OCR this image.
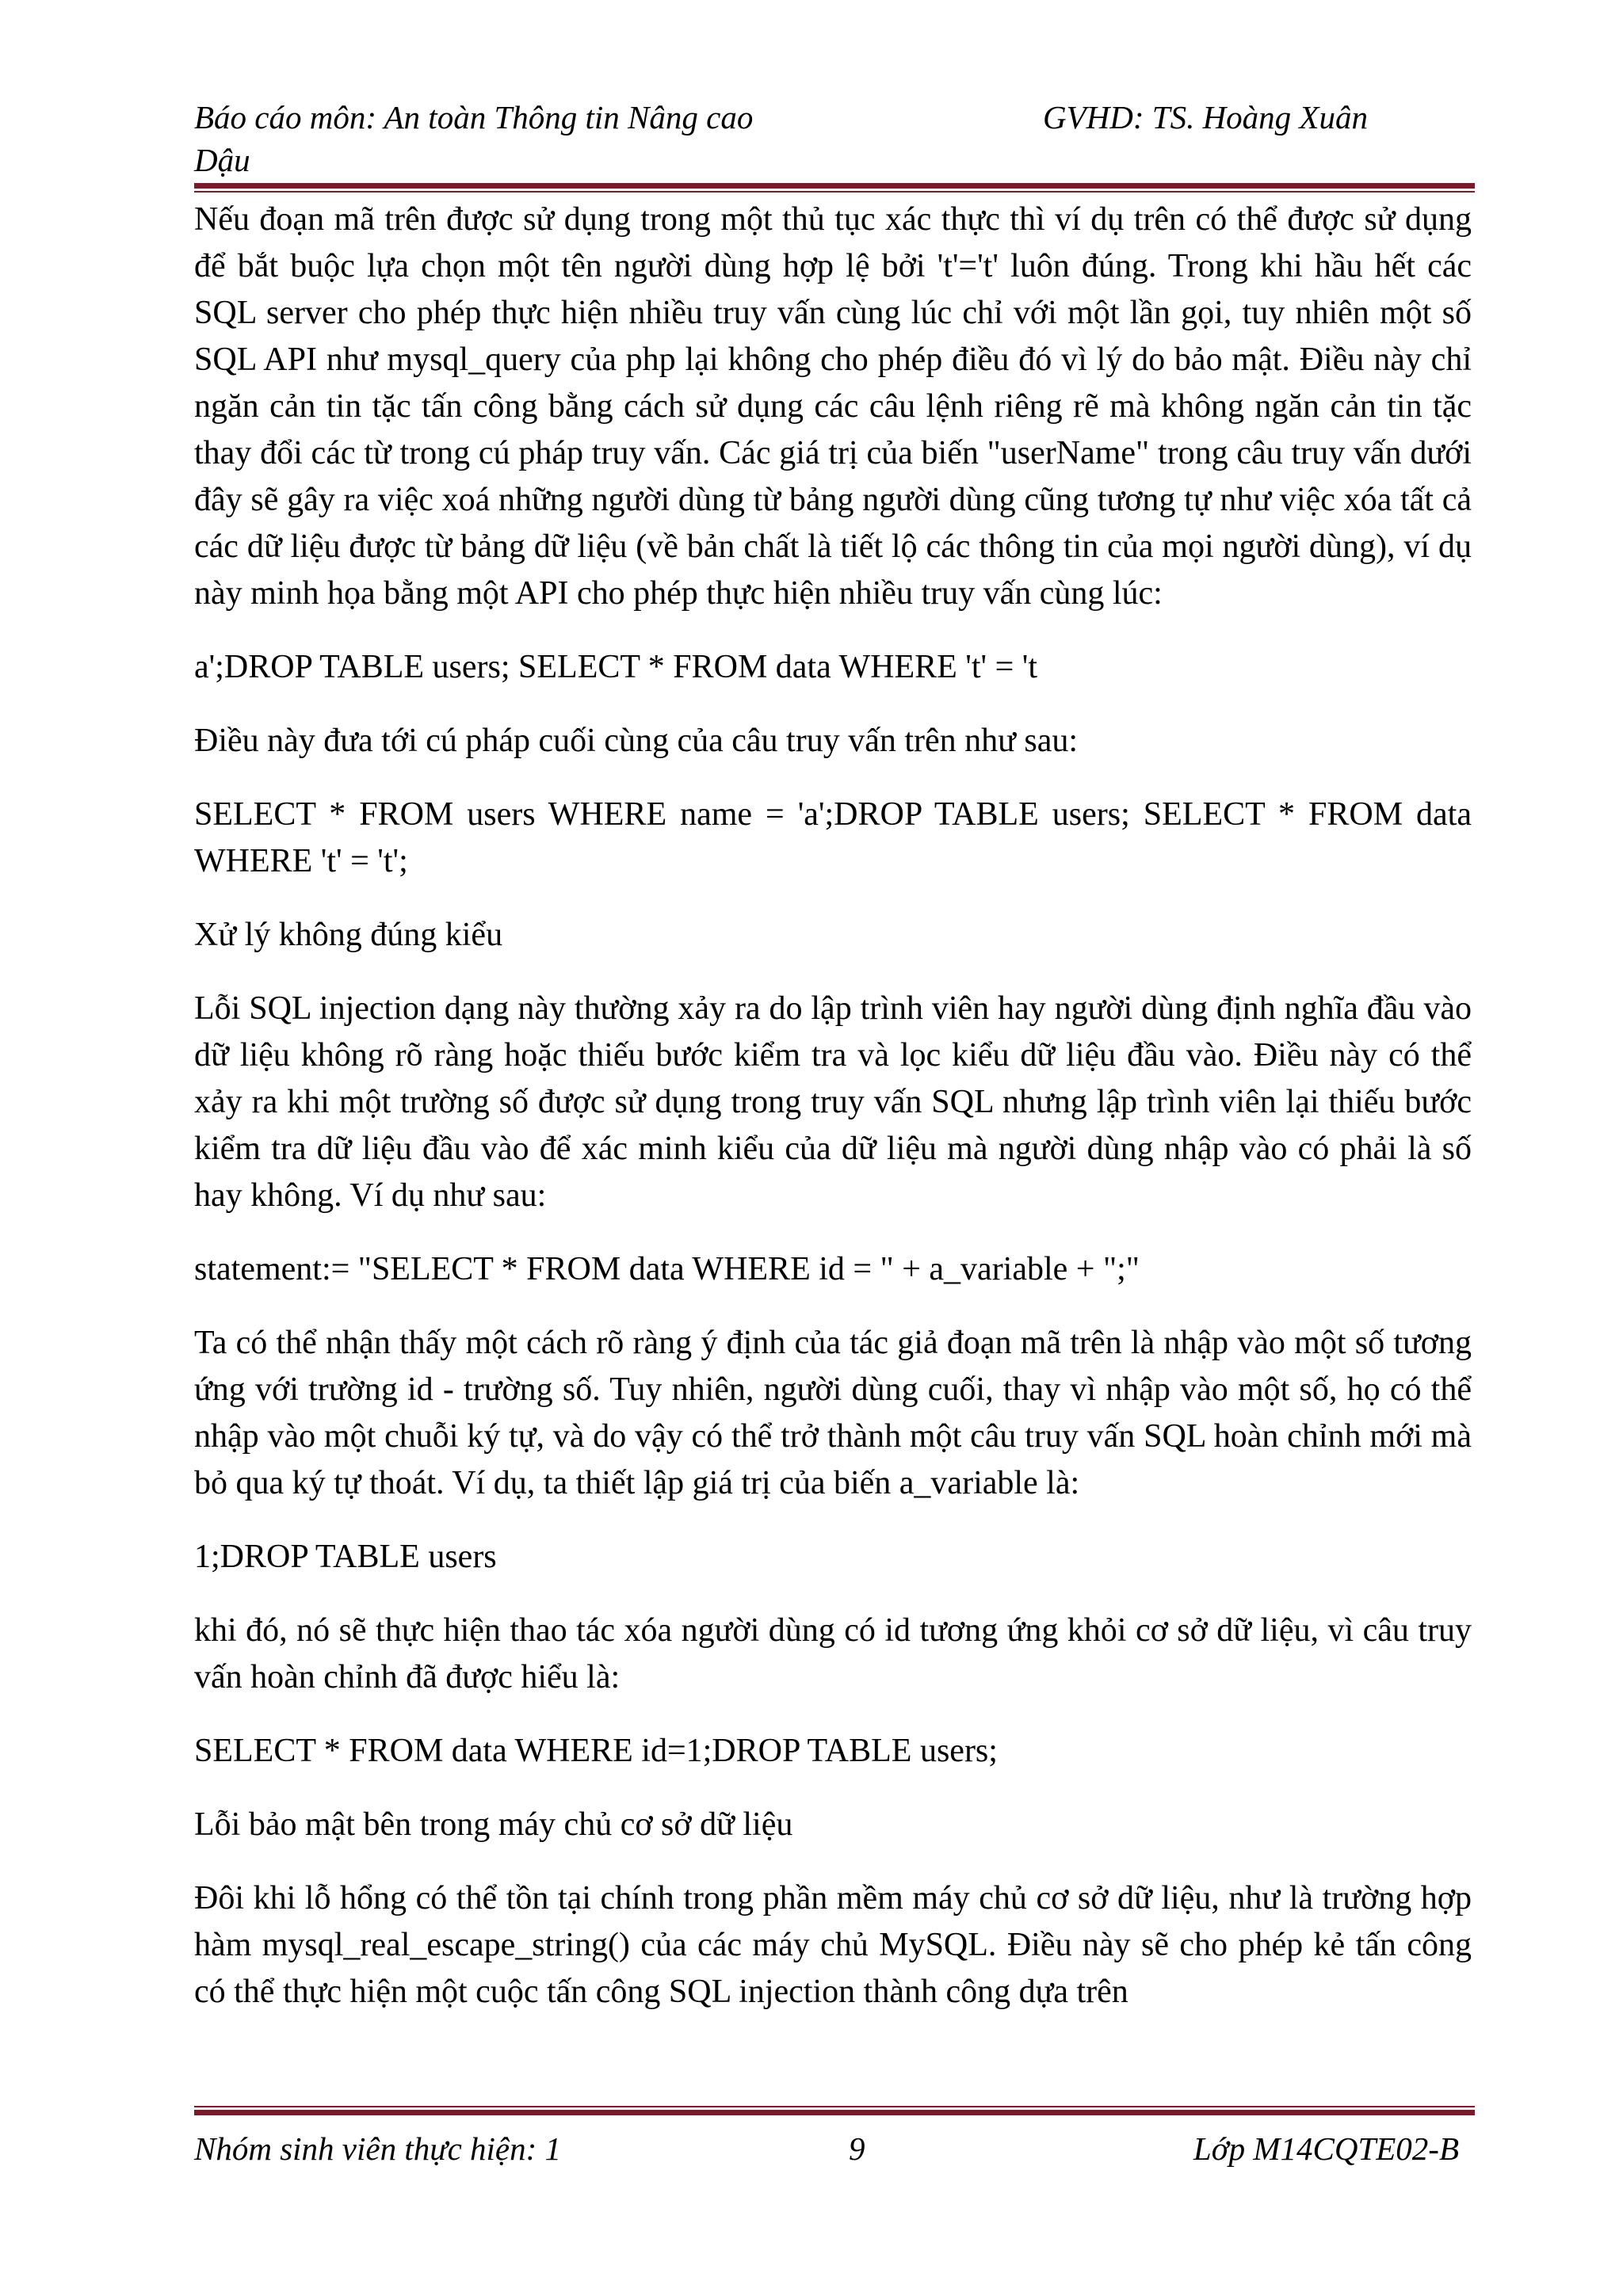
Báo cáo môn: An toàn Thông tin Nâng cao	GVHD: TS. Hoàng Xuân
Dậu

Nếu đoạn mã trên được sử dụng trong một thủ tục xác thực thì ví dụ trên có thể được sử dụng để bắt buộc lựa chọn một tên người dùng hợp lệ bởi 't'='t' luôn đúng. Trong khi hầu hết các SQL server cho phép thực hiện nhiều truy vấn cùng lúc chỉ với một lần gọi, tuy nhiên một số SQL API như mysql_query của php lại không cho phép điều đó vì lý do bảo mật. Điều này chỉ ngăn cản tin tặc tấn công bằng cách sử dụng các câu lệnh riêng rẽ mà không ngăn cản tin tặc thay đổi các từ trong cú pháp truy vấn. Các giá trị của biến "userName" trong câu truy vấn dưới đây sẽ gây ra việc xoá những người dùng từ bảng người dùng cũng tương tự như việc xóa tất cả các dữ liệu được từ bảng dữ liệu (về bản chất là tiết lộ các thông tin của mọi người dùng), ví dụ này minh họa bằng một API cho phép thực hiện nhiều truy vấn cùng lúc:

a';DROP TABLE users; SELECT * FROM data WHERE 't' = 't

Điều này đưa tới cú pháp cuối cùng của câu truy vấn trên như sau:

SELECT * FROM users WHERE name = 'a';DROP TABLE users; SELECT * FROM data WHERE 't' = 't';

Xử lý không đúng kiểu

Lỗi SQL injection dạng này thường xảy ra do lập trình viên hay người dùng định nghĩa đầu vào dữ liệu không rõ ràng hoặc thiếu bước kiểm tra và lọc kiểu dữ liệu đầu vào. Điều này có thể xảy ra khi một trường số được sử dụng trong truy vấn SQL nhưng lập trình viên lại thiếu bước kiểm tra dữ liệu đầu vào để xác minh kiểu của dữ liệu mà người dùng nhập vào có phải là số hay không. Ví dụ như sau:

statement:= "SELECT * FROM data WHERE id = " + a_variable + ";"

Ta có thể nhận thấy một cách rõ ràng ý định của tác giả đoạn mã trên là nhập vào một số tương ứng với trường id - trường số. Tuy nhiên, người dùng cuối, thay vì nhập vào một số, họ có thể nhập vào một chuỗi ký tự, và do vậy có thể trở thành một câu truy vấn SQL hoàn chỉnh mới mà bỏ qua ký tự thoát. Ví dụ, ta thiết lập giá trị của biến a_variable là:

1;DROP TABLE users

khi đó, nó sẽ thực hiện thao tác xóa người dùng có id tương ứng khỏi cơ sở dữ liệu, vì câu truy vấn hoàn chỉnh đã được hiểu là:

SELECT * FROM data WHERE id=1;DROP TABLE users;

Lỗi bảo mật bên trong máy chủ cơ sở dữ liệu

Đôi khi lỗ hổng có thể tồn tại chính trong phần mềm máy chủ cơ sở dữ liệu, như là trường hợp hàm mysql_real_escape_string() của các máy chủ MySQL. Điều này sẽ cho phép kẻ tấn công có thể thực hiện một cuộc tấn công SQL injection thành công dựa trên

Nhóm sinh viên thực hiện: 1	9	Lớp M14CQTE02-B
